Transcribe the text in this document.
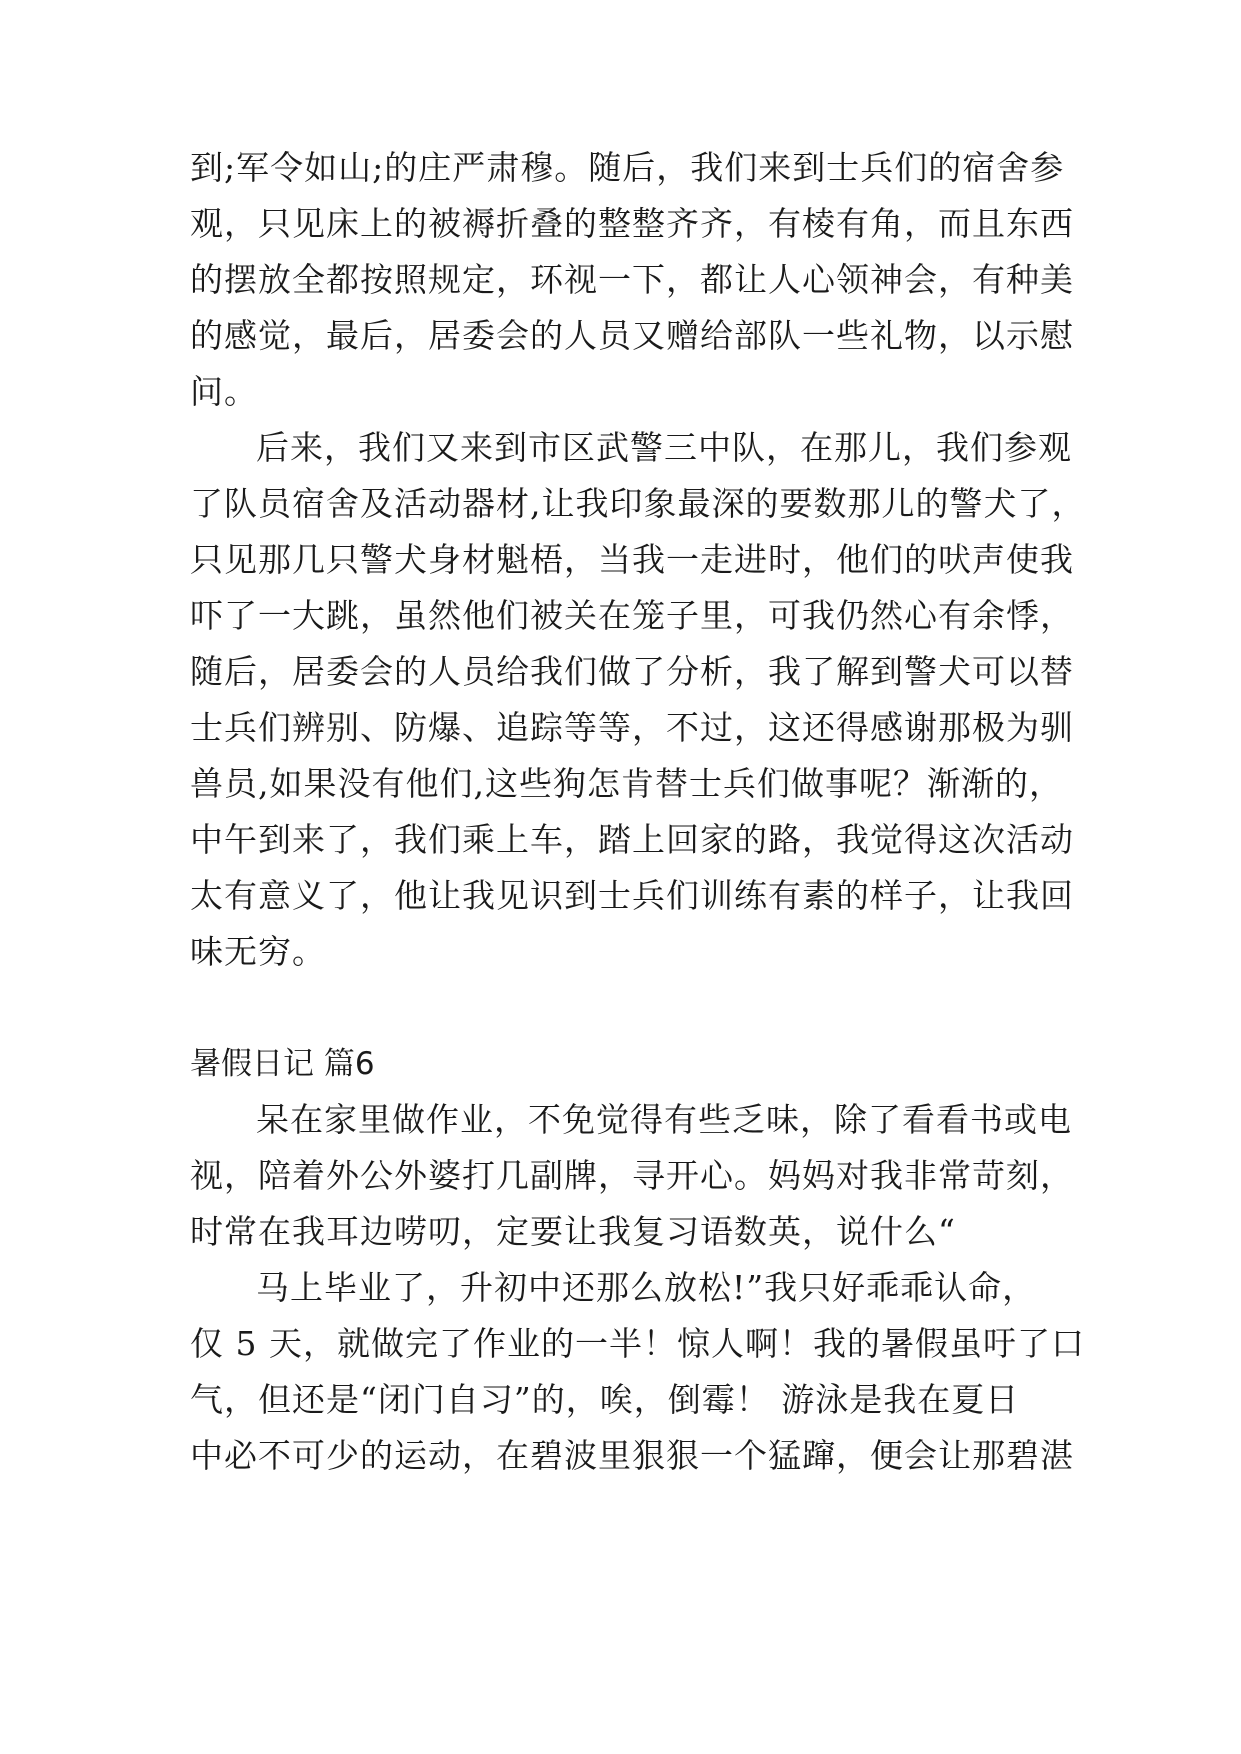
到;军令如山;的庄严肃穆。随后，我们来到士兵们的宿舍参
观，只见床上的被褥折叠的整整齐齐，有棱有角，而且东西
的摆放全都按照规定，环视一下，都让人心领神会，有种美
的感觉，最后，居委会的人员又赠给部队一些礼物，以示慰
问。
后来，我们又来到市区武警三中队，在那儿，我们参观
了队员宿舍及活动器材,让我印象最深的要数那儿的警犬了，
只见那几只警犬身材魁梧，当我一走进时，他们的吠声使我
吓了一大跳，虽然他们被关在笼子里，可我仍然心有余悸，
随后，居委会的人员给我们做了分析，我了解到警犬可以替
士兵们辨别、防爆、追踪等等，不过，这还得感谢那极为驯
兽员,如果没有他们,这些狗怎肯替士兵们做事呢？渐渐的，
中午到来了，我们乘上车，踏上回家的路，我觉得这次活动
太有意义了，他让我见识到士兵们训练有素的样子，让我回
味无穷。
暑假日记 篇6
呆在家里做作业，不免觉得有些乏味，除了看看书或电
视，陪着外公外婆打几副牌，寻开心。妈妈对我非常苛刻，
时常在我耳边唠叨，定要让我复习语数英，说什么“
马上毕业了，升初中还那么放松!”我只好乖乖认命，
仅 5 天，就做完了作业的一半！惊人啊！我的暑假虽吁了口
气，但还是“闭门自习”的，唉，倒霉！ 游泳是我在夏日
中必不可少的运动，在碧波里狠狠一个猛蹿，便会让那碧湛
